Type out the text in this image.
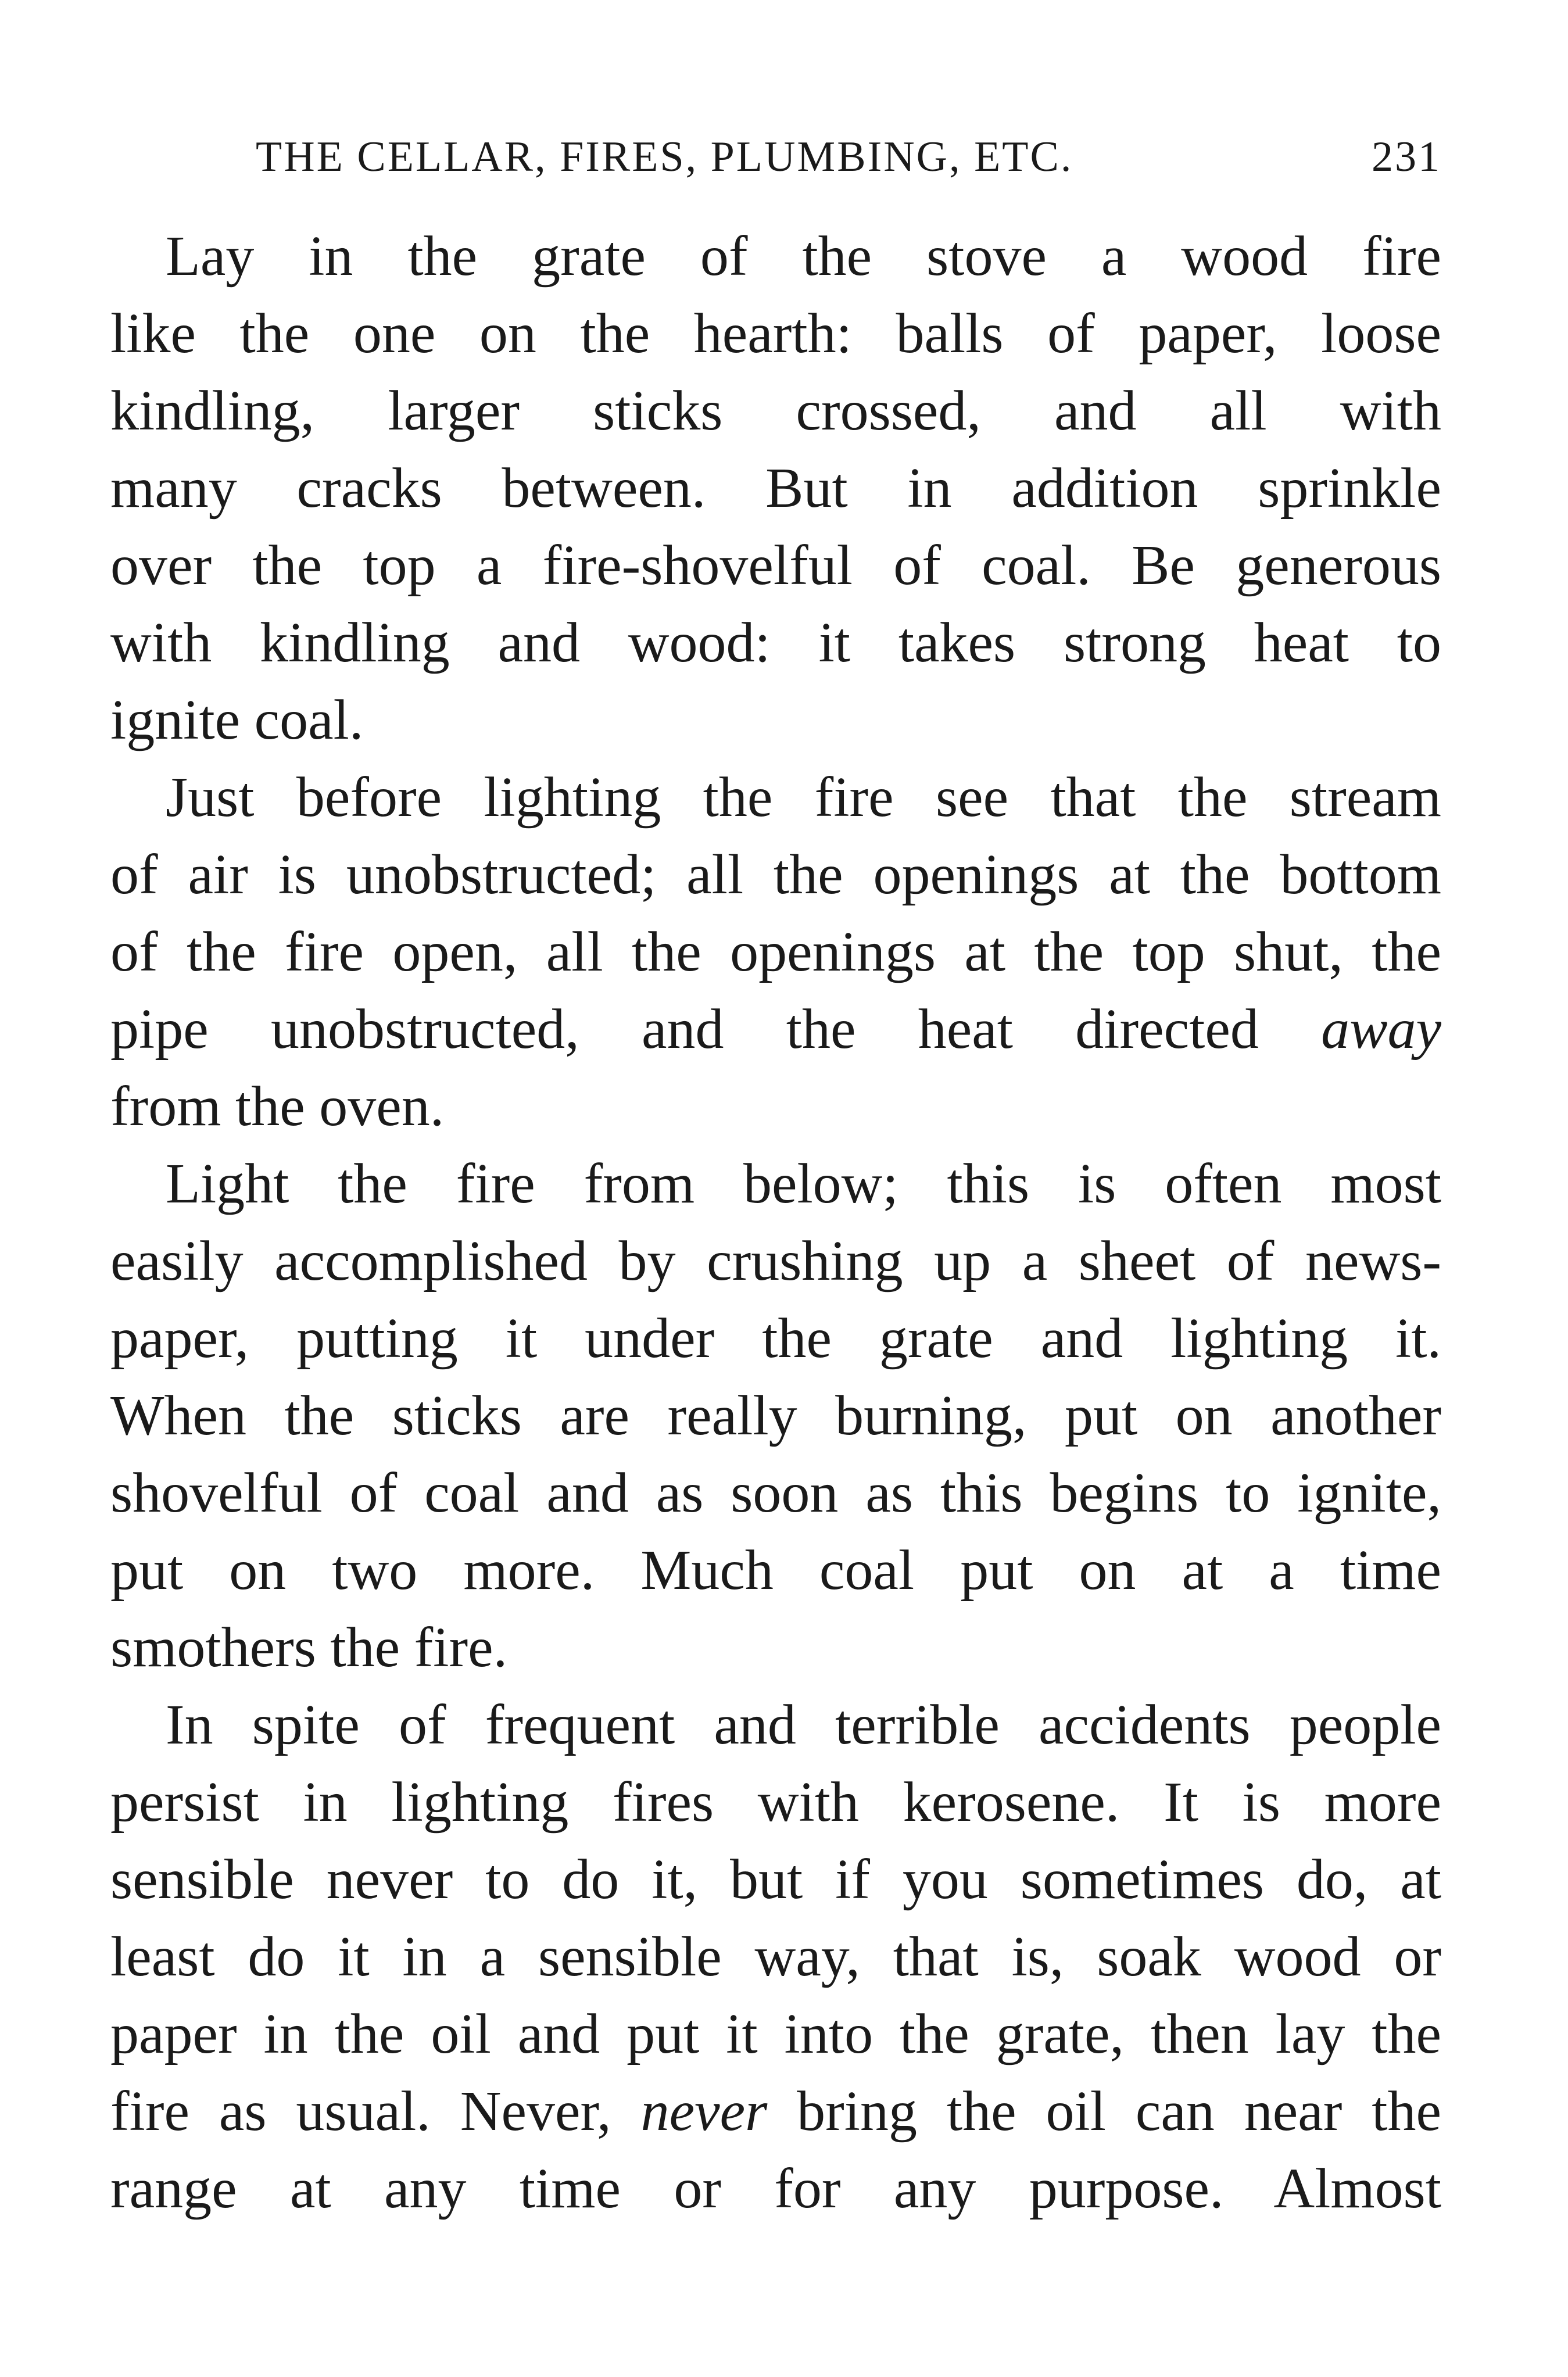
THE CELLAR, FIRES, PLUMBING, ETC.	231
Lay in the grate of the stove a wood fire
like the one on the hearth: balls of paper, loose
kindling, larger sticks crossed, and all with
many cracks between. But in addition sprinkle
over the top a fire-shovelful of coal. Be generous
with kindling and wood: it takes strong heat to
ignite coal.
Just before lighting the fire see that the stream
of air is unobstructed; all the openings at the bottom
of the fire open, all the openings at the top shut, the
pipe unobstructed, and the heat directed away
from the oven.
Light the fire from below; this is often most
easily accomplished by crushing up a sheet of news-
paper, putting it under the grate and lighting it.
When the sticks are really burning, put on another
shovelful of coal and as soon as this begins to ignite,
put on two more. Much coal put on at a time
smothers the fire.
In spite of frequent and terrible accidents people
persist in lighting fires with kerosene. It is more
sensible never to do it, but if you sometimes do, at
least do it in a sensible way, that is, soak wood or
paper in the oil and put it into the grate, then lay the
fire as usual. Never, never bring the oil can near the
range at any time or for any purpose. Almost
